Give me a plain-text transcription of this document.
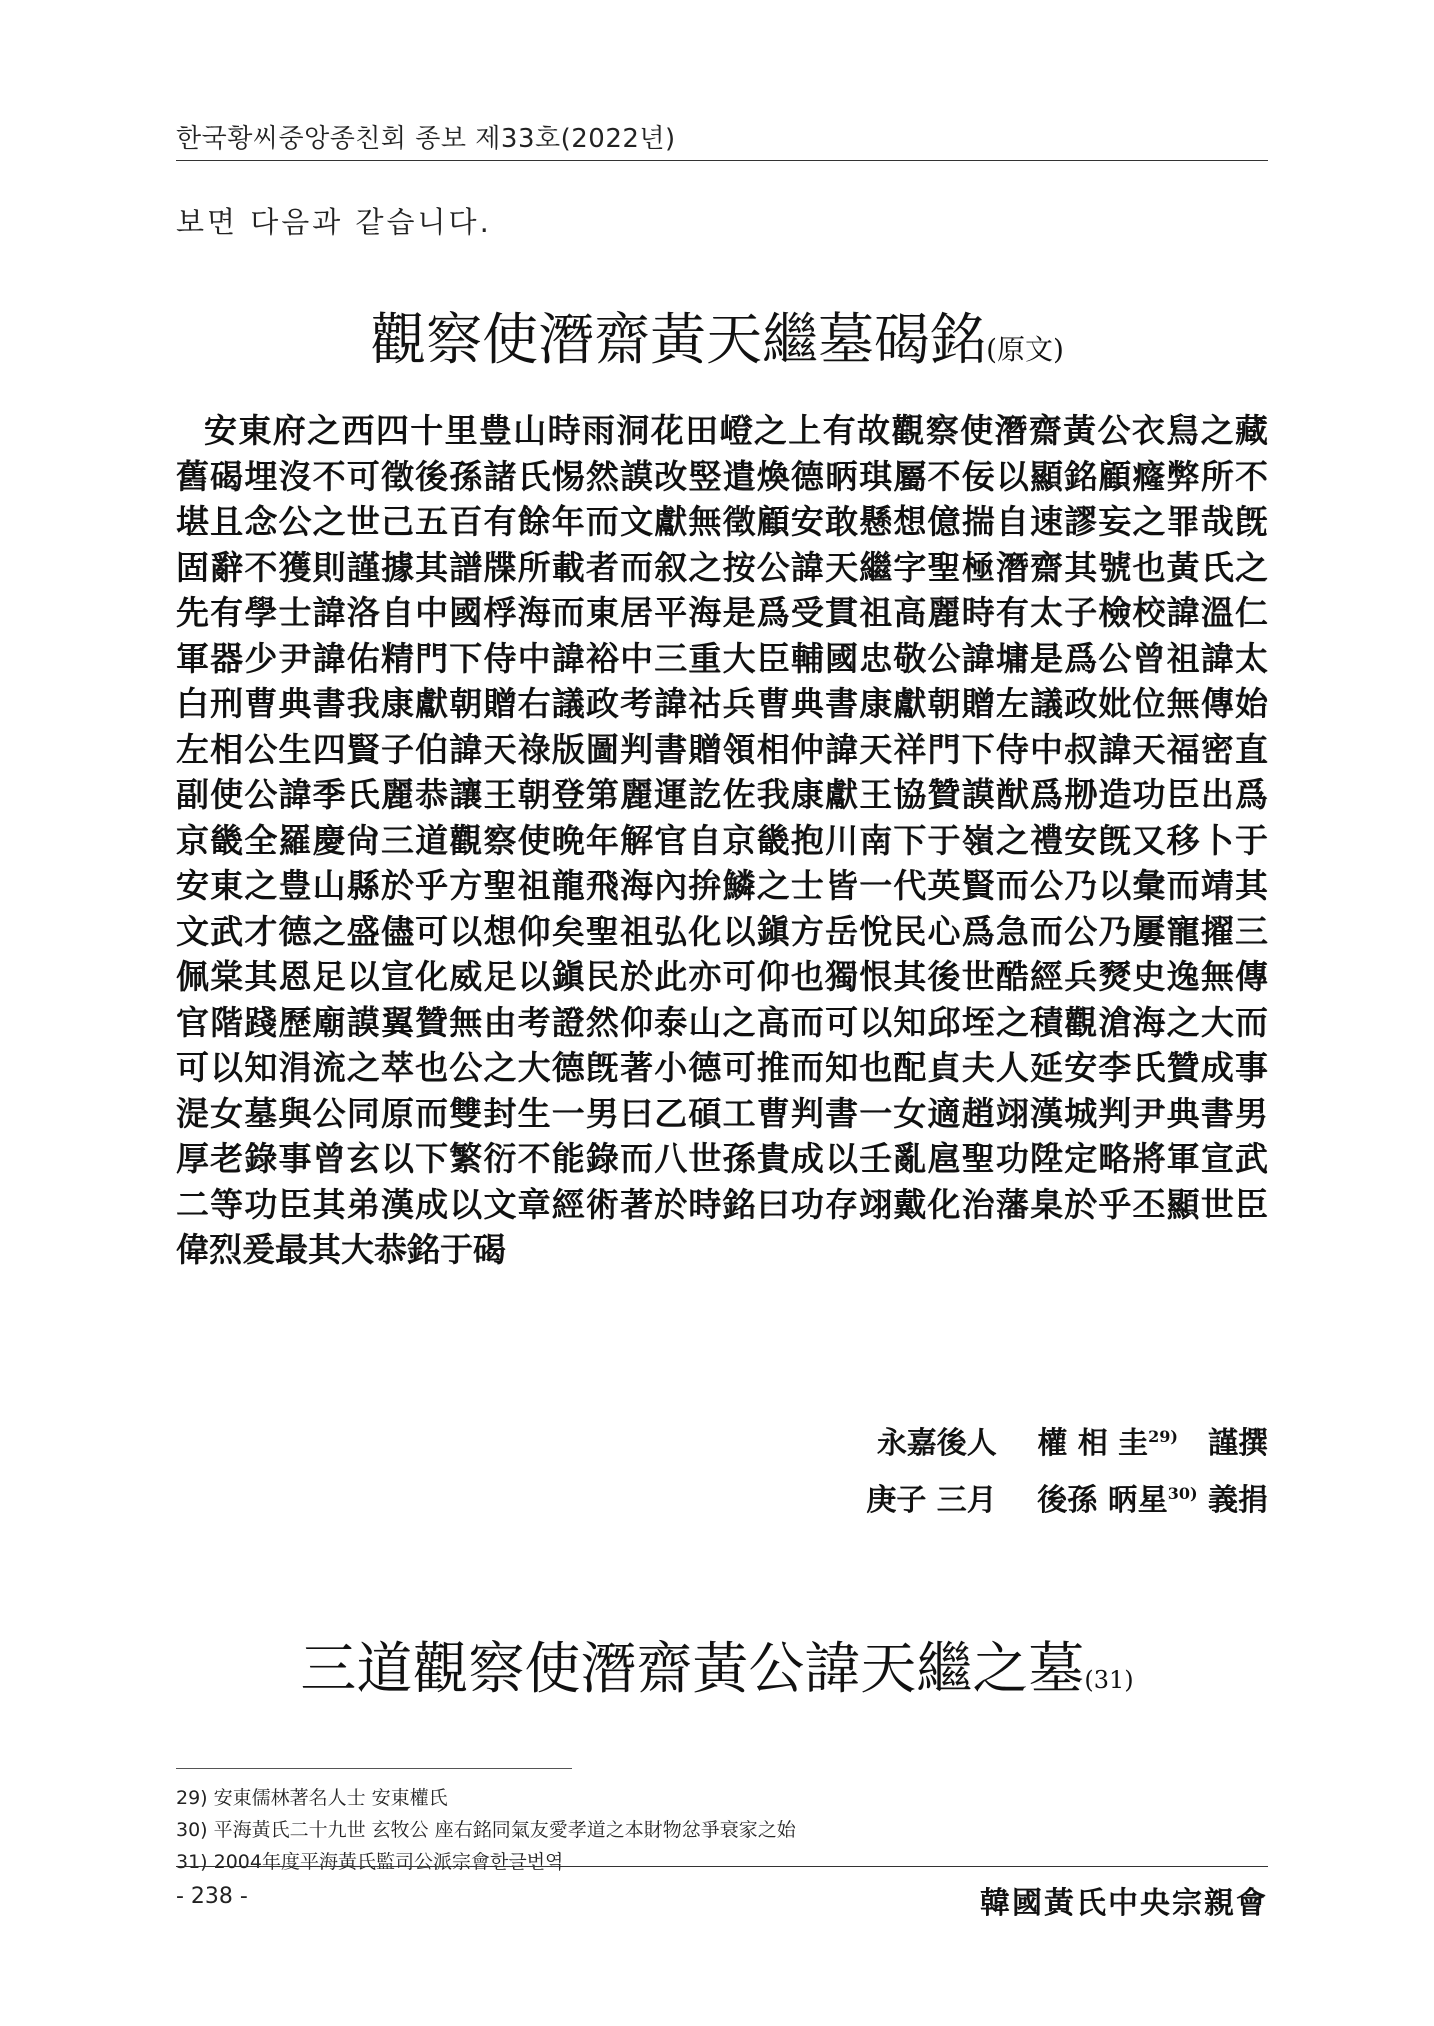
한국황씨중앙종친회 종보 제33호(2022년)
보면 다음과 같습니다.
觀察使潛齋黃天繼墓碣銘(原文)
安東府之西四十里豊山時雨洞花田嶝之上有故觀察使潛齋黃公衣舃之藏
舊碣埋沒不可徵後孫諸氏惕然謨改竪遣煥德昞琪屬不佞以顯銘顧癃弊所不
堪且念公之世己五百有餘年而文獻無徵顧安敢懸想億揣自速謬妄之罪哉旣
固辭不獲則謹據其譜牒所載者而叙之按公諱天繼字聖極潛齋其號也黃氏之
先有學士諱洛自中國桴海而東居平海是爲受貫祖高麗時有太子檢校諱溫仁
軍器少尹諱佑精門下侍中諱裕中三重大臣輔國忠敬公諱墉是爲公曾祖諱太
白刑曹典書我康獻朝贈右議政考諱祜兵曹典書康獻朝贈左議政妣位無傳始
左相公生四賢子伯諱天祿版圖判書贈領相仲諱天祥門下侍中叔諱天福密直
副使公諱季氏麗恭讓王朝登第麗運訖佐我康獻王協贊謨猷爲刱造功臣出爲
京畿全羅慶尙三道觀察使晩年解官自京畿抱川南下于嶺之禮安旣又移卜于
安東之豊山縣於乎方聖祖龍飛海內拚鱗之士皆一代英賢而公乃以彙而靖其
文武才德之盛儘可以想仰矣聖祖弘化以鎭方岳悅民心爲急而公乃屢寵擢三
佩棠其恩足以宣化威足以鎭民於此亦可仰也獨恨其後世酷經兵燹史逸無傳
官階踐歷廟謨翼贊無由考證然仰泰山之高而可以知邱垤之積觀滄海之大而
可以知涓流之萃也公之大德旣著小德可推而知也配貞夫人延安李氏贊成事
湜女墓與公同原而雙封生一男曰乙碩工曹判書一女適趙翊漢城判尹典書男
厚老錄事曾玄以下繁衍不能錄而八世孫貴成以壬亂扈聖功陞定略將軍宣武
二等功臣其弟漢成以文章經術著於時銘曰功存翊戴化治藩臬於乎丕顯世臣
偉烈爰最其大恭銘于碣
永嘉後人　 權 相 圭$^{29)}$　 謹撰
庚子 三月　 後孫 昞星$^{30)}$ 義捐
三道觀察使潛齋黃公諱天繼之墓(31)
29) 安東儒林著名人士 安東權氏
30) 平海黃氏二十九世 玄牧公 座右銘同氣友愛孝道之本財物忿爭衰家之始
31) 2004年度平海黃氏監司公派宗會한글번역
- 238 -	韓國黃氏中央宗親會
